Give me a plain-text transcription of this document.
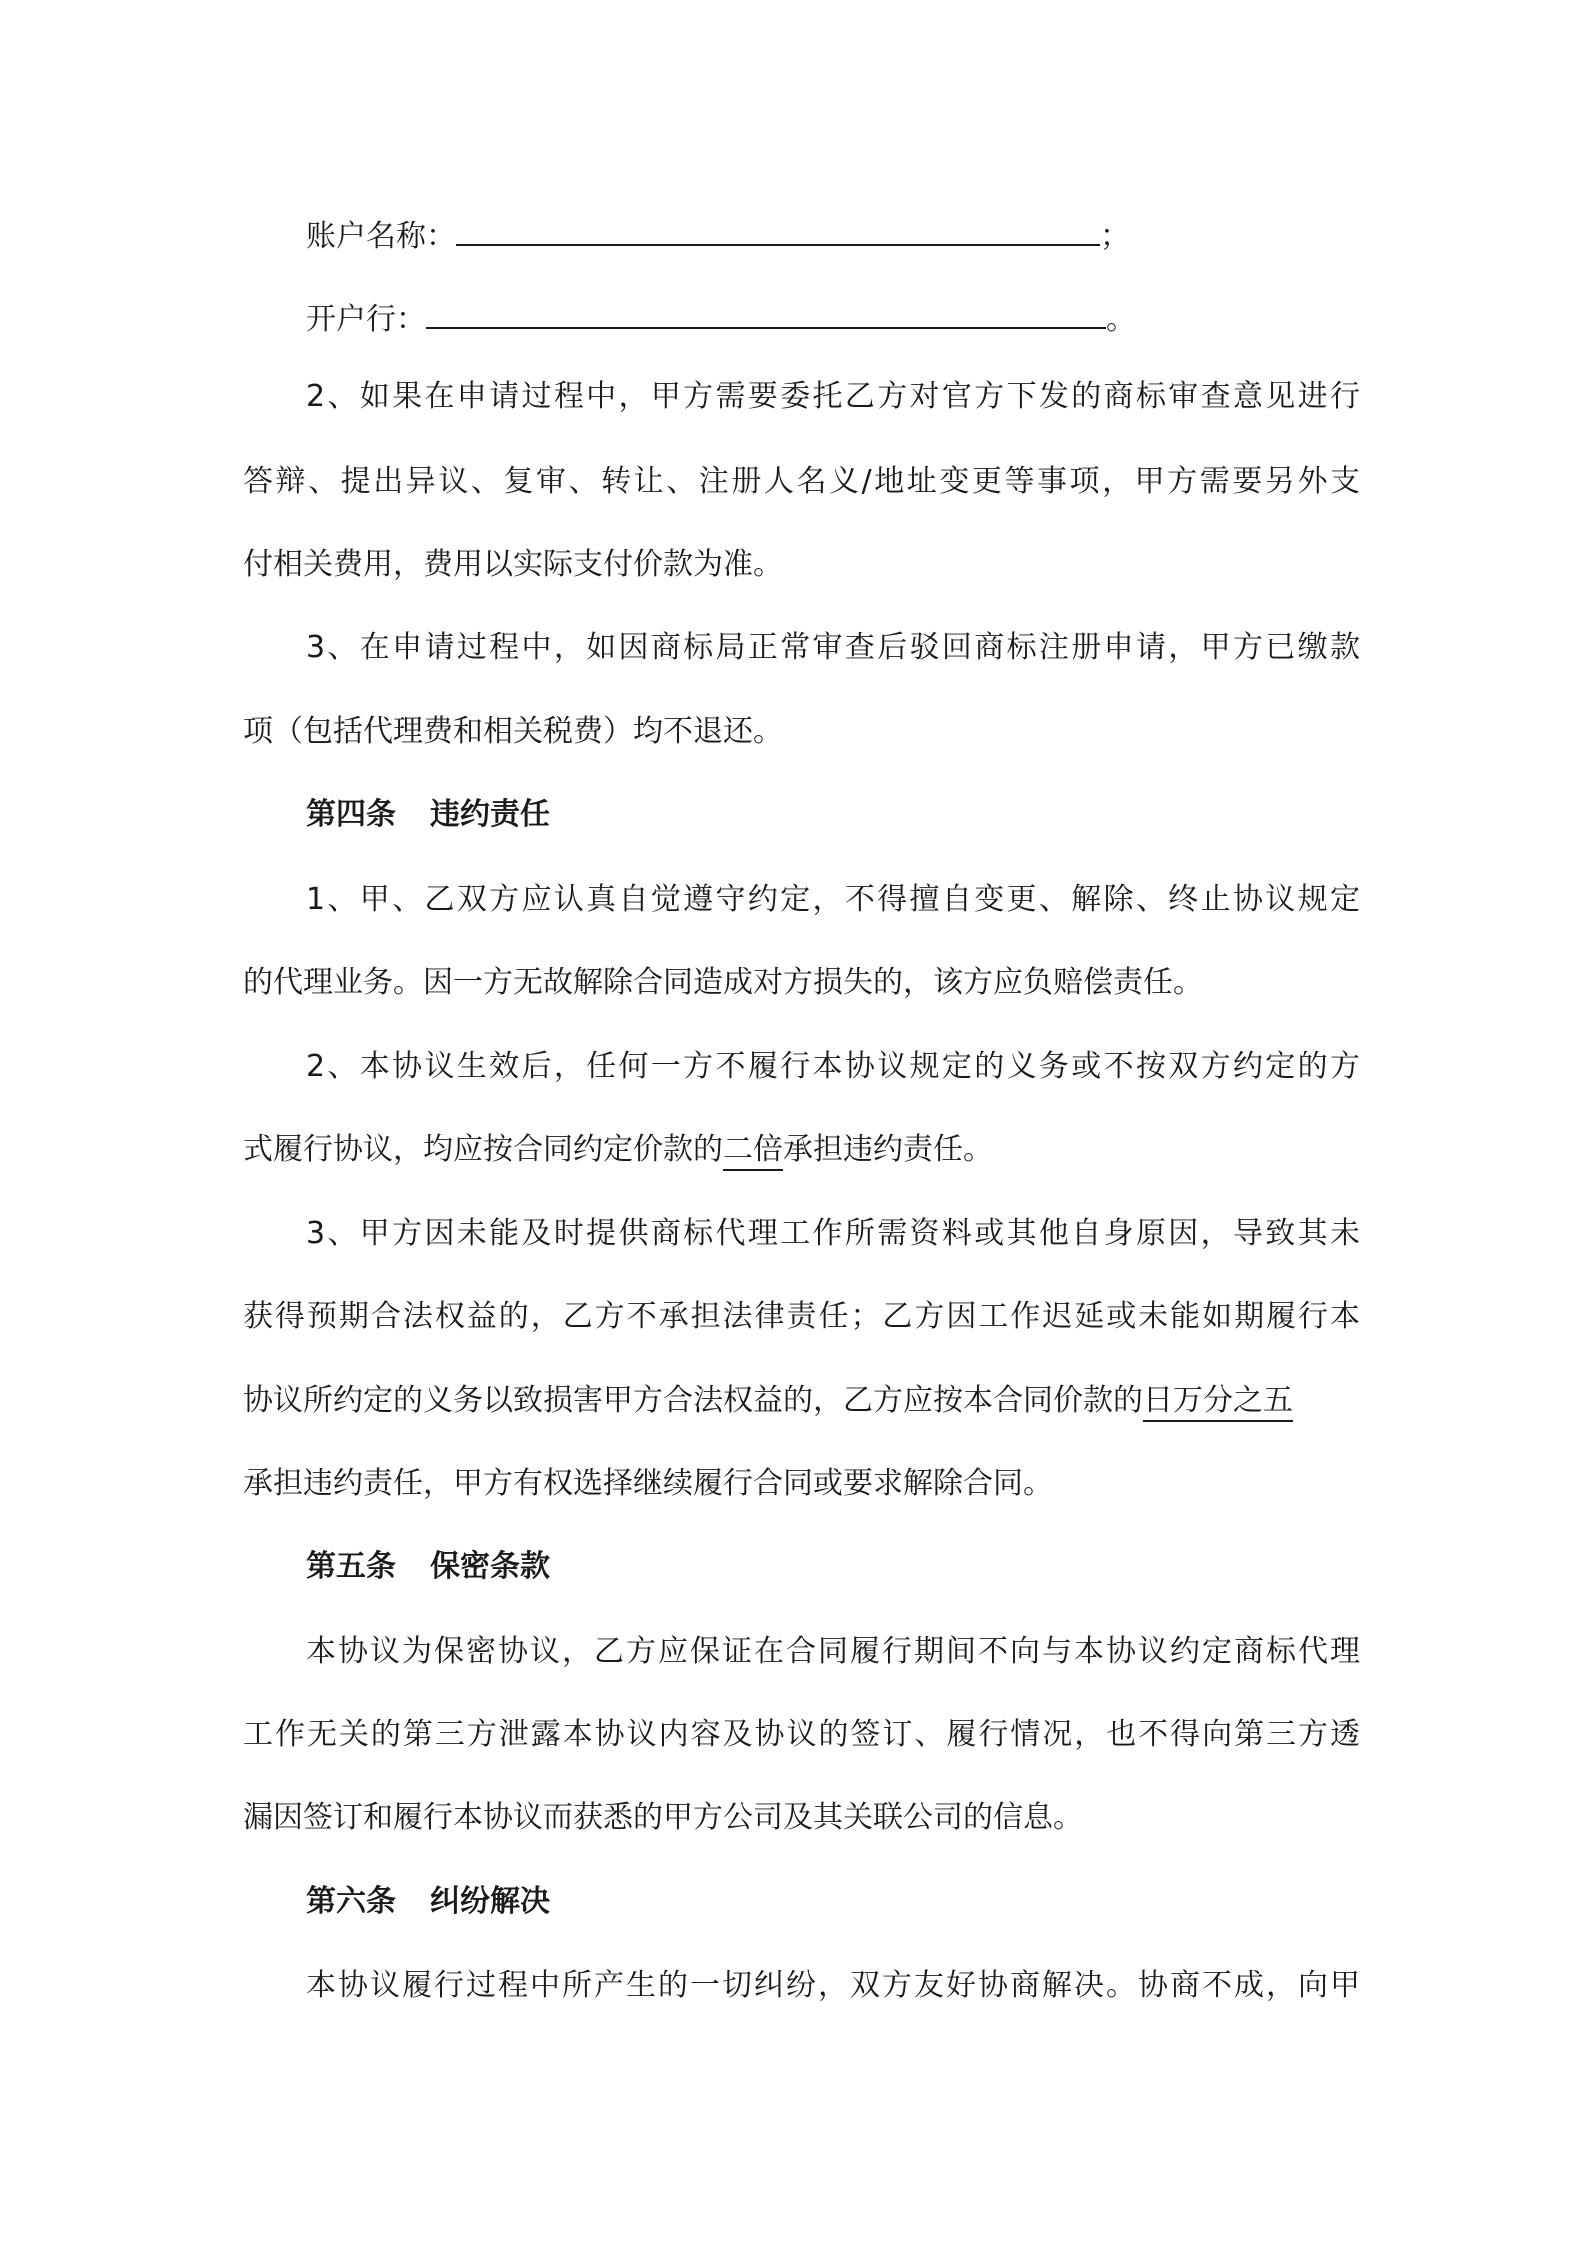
账户名称：	；
开户行：	。
2、如果在申请过程中，甲方需要委托乙方对官方下发的商标审查意见进行
答辩、提出异议、复审、转让、注册人名义/地址变更等事项，甲方需要另外支
付相关费用，费用以实际支付价款为准。
3、在申请过程中，如因商标局正常审查后驳回商标注册申请，甲方已缴款
项（包括代理费和相关税费）均不退还。
第四条 违约责任
1、甲、乙双方应认真自觉遵守约定，不得擅自变更、解除、终止协议规定
的代理业务。因一方无故解除合同造成对方损失的，该方应负赔偿责任。
2、本协议生效后，任何一方不履行本协议规定的义务或不按双方约定的方
式履行协议，均应按合同约定价款的二倍承担违约责任。
3、甲方因未能及时提供商标代理工作所需资料或其他自身原因，导致其未
获得预期合法权益的，乙方不承担法律责任；乙方因工作迟延或未能如期履行本
协议所约定的义务以致损害甲方合法权益的，乙方应按本合同价款的日万分之五
承担违约责任，甲方有权选择继续履行合同或要求解除合同。
第五条 保密条款
本协议为保密协议，乙方应保证在合同履行期间不向与本协议约定商标代理
工作无关的第三方泄露本协议内容及协议的签订、履行情况，也不得向第三方透
漏因签订和履行本协议而获悉的甲方公司及其关联公司的信息。
第六条 纠纷解决
本协议履行过程中所产生的一切纠纷，双方友好协商解决。协商不成，向甲
